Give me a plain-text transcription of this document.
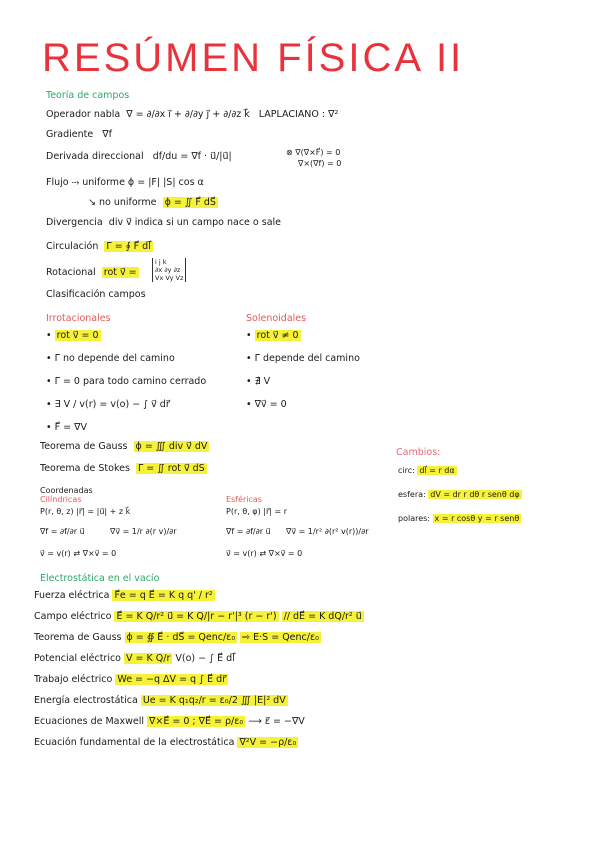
RESÚMEN FÍSICA II
Teoría de campos
Operador nabla ∇ = ∂/∂x i⃗ + ∂/∂y j⃗ + ∂/∂z k⃗ LAPLACIANO : ∇²
Gradiente ∇f
Derivada direccional df/du = ∇f · u⃗/|u⃗|	⊗ ∇(∇×F⃗) = 0
∇×(∇f) = 0
Flujo ⤑ uniforme ϕ = |F| |S| cos α
↘ no uniforme ϕ = ∬ F⃗ dS⃗
Divergencia div v⃗ indica si un campo nace o sale
Circulación Γ = ∮ F⃗ dl⃗
Rotacional rot v⃗ =
i j k
∂x ∂y ∂z
Vx Vy Vz
Clasificación campos
Irrotacionales
• rot v⃗ = 0
• Γ no depende del camino
• Γ = 0 para todo camino cerrado
• ∃ V / v(r) = v(o) − ∫ v⃗ dr⃗
• F⃗ = ∇V
Solenoidales
• rot v⃗ ≠ 0
• Γ depende del camino
• ∄ V
• ∇v⃗ = 0
Teorema de Gauss ϕ = ∭ div v⃗ dV
Teorema de Stokes Γ = ∬ rot v⃗ dS
Cambios:
circ: dl⃗ = r dα
esfera: dV = dr r dθ r senθ dφ
polares: x = r cosθ y = r senθ
Coordenadas
Cilíndricas
P(r, θ, z) |r⃗| = |u⃗| + z k⃗
∇f = ∂f/∂r u⃗	∇v⃗ = 1/r ∂(r v)/∂r
v⃗ = v(r) ⇄ ∇×v⃗ = 0
Esféricas
P(r, θ, φ) |r⃗| = r
∇f = ∂f/∂r u⃗	∇v⃗ = 1/r² ∂(r² v(r))/∂r
v⃗ = v(r) ⇄ ∇×v⃗ = 0
Electrostática en el vacío
Fuerza eléctrica F⃗e = q E⃗ = K q q' / r²
Campo eléctrico E⃗ = K Q/r² u⃗ = K Q/|r − r'|³ (r − r') // dE⃗ = K dQ/r² u⃗
Teorema de Gauss ϕ = ∯ E⃗ · dS⃗ = Qenc/ε₀ ⇨ E·S = Qenc/ε₀
Potencial eléctrico V = K Q/r V(o) − ∫ E⃗ dl⃗
Trabajo eléctrico We = −q ΔV = q ∫ E⃗ dr⃗
Energía electrostática Ue = K q₁q₂/r = ε₀/2 ∭ |E|² dV
Ecuaciones de Maxwell ∇×E⃗ = 0 ; ∇E⃗ = ρ/ε₀ ⟶ ε⃗ = −∇V
Ecuación fundamental de la electrostática ∇²V = −ρ/ε₀
